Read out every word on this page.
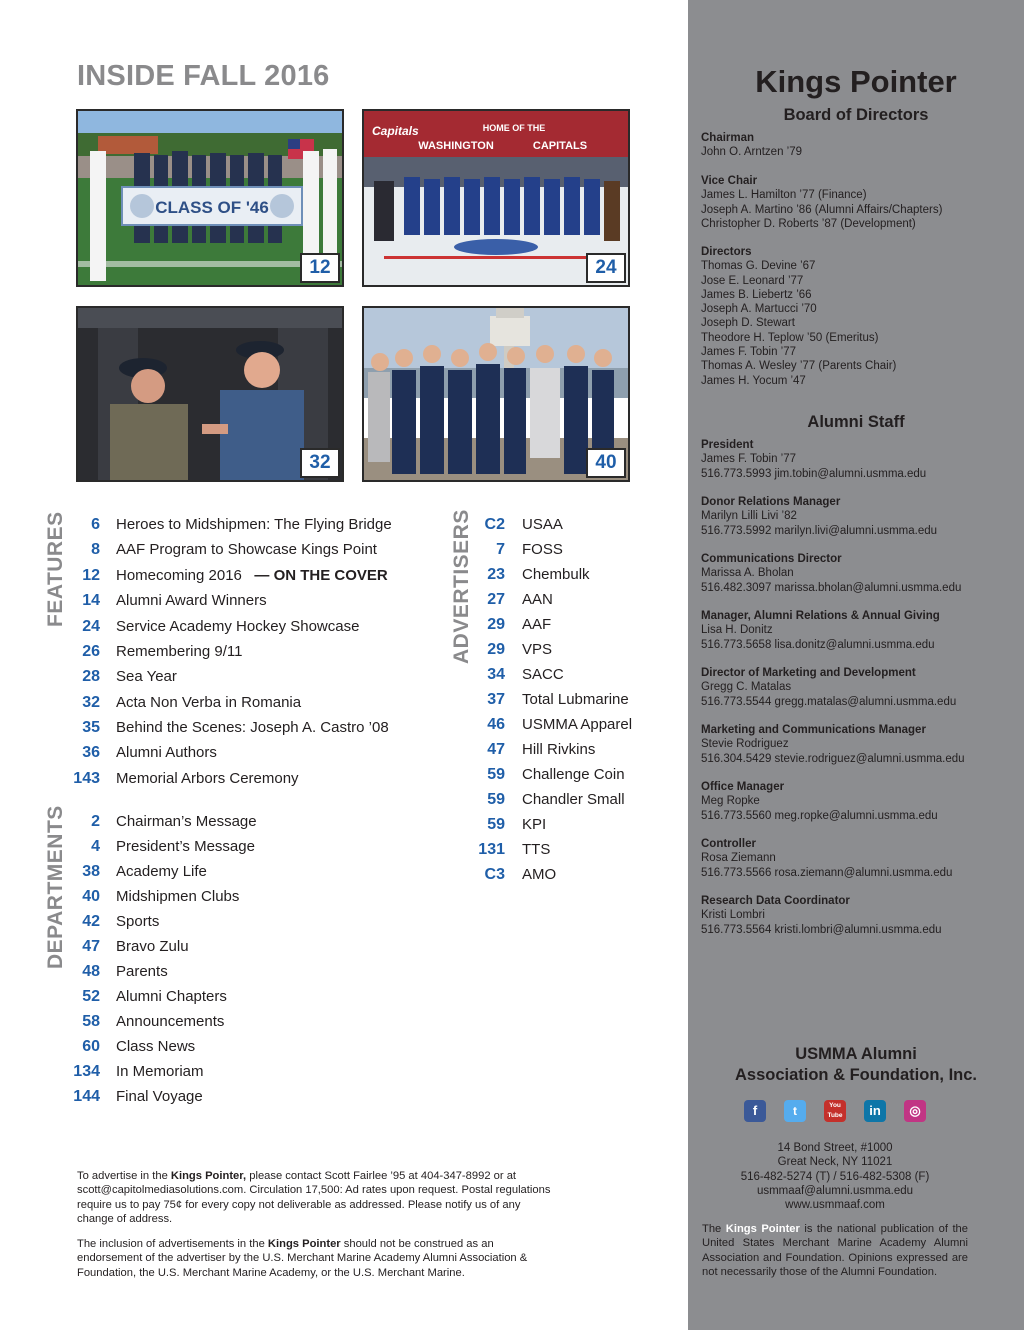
INSIDE FALL 2016
CLASS OF '46
12
Capitals	HOME OF THE
WASHINGTON	CAPITALS
24
32	40
FEATURES
DEPARTMENTS
ADVERTISERS
6 Heroes to Midshipmen: The Flying Bridge
8 AAF Program to Showcase Kings Point
12 Homecoming 2016 — ON THE COVER
14 Alumni Award Winners
24 Service Academy Hockey Showcase
26 Remembering 9/11
28 Sea Year
32 Acta Non Verba in Romania
35 Behind the Scenes: Joseph A. Castro ’08
36 Alumni Authors
143 Memorial Arbors Ceremony
2 Chairman’s Message
4 President’s Message
38 Academy Life
40 Midshipmen Clubs
42 Sports
47 Bravo Zulu
48 Parents
52 Alumni Chapters
58 Announcements
60 Class News
134 In Memoriam
144 Final Voyage
C2 USAA
7 FOSS
23 Chembulk
27 AAN
29 AAF
29 VPS
34 SACC
37 Total Lubmarine
46 USMMA Apparel
47 Hill Rivkins
59 Challenge Coin
59 Chandler Small
59 KPI
131 TTS
C3 AMO
To advertise in the Kings Pointer, please contact Scott Fairlee ’95 at 404-347-8992 or at scott@capitolmediasolutions.com. Circulation 17,500: Ad rates upon request. Postal regulations require us to pay 75¢ for every copy not deliverable as addressed. Please notify us of any change of address.
The inclusion of advertisements in the Kings Pointer should not be construed as an endorsement of the advertiser by the U.S. Merchant Marine Academy Alumni Association & Foundation, the U.S. Merchant Marine Academy, or the U.S. Merchant Marine.
Kings Pointer
Board of Directors
Chairman
John O. Arntzen ’79
Vice Chair
James L. Hamilton ’77 (Finance)
Joseph A. Martino ’86 (Alumni Affairs/Chapters)
Christopher D. Roberts ’87 (Development)
Directors
Thomas G. Devine ’67
Jose E. Leonard ’77
James B. Liebertz ’66
Joseph A. Martucci ’70
Joseph D. Stewart
Theodore H. Teplow ’50 (Emeritus)
James F. Tobin ’77
Thomas A. Wesley ’77 (Parents Chair)
James H. Yocum ’47
Alumni Staff
President
James F. Tobin ’77
516.773.5993 jim.tobin@alumni.usmma.edu
Donor Relations Manager
Marilyn Lilli Livi ’82
516.773.5992 marilyn.livi@alumni.usmma.edu
Communications Director
Marissa A. Bholan
516.482.3097 marissa.bholan@alumni.usmma.edu
Manager, Alumni Relations & Annual Giving
Lisa H. Donitz
516.773.5658 lisa.donitz@alumni.usmma.edu
Director of Marketing and Development
Gregg C. Matalas
516.773.5544 gregg.matalas@alumni.usmma.edu
Marketing and Communications Manager
Stevie Rodriguez
516.304.5429 stevie.rodriguez@alumni.usmma.edu
Office Manager
Meg Ropke
516.773.5560 meg.ropke@alumni.usmma.edu
Controller
Rosa Ziemann
516.773.5566 rosa.ziemann@alumni.usmma.edu
Research Data Coordinator
Kristi Lombri
516.773.5564 kristi.lombri@alumni.usmma.edu
USMMA Alumni
Association & Foundation, Inc.
f	t	You Tube	in	◎
14 Bond Street, #1000
Great Neck, NY 11021
516-482-5274 (T) / 516-482-5308 (F)
usmmaaf@alumni.usmma.edu
www.usmmaaf.com
The Kings Pointer is the national publication of the United States Merchant Marine Academy Alumni Association and Foundation. Opinions expressed are not necessarily those of the Alumni Foundation.
